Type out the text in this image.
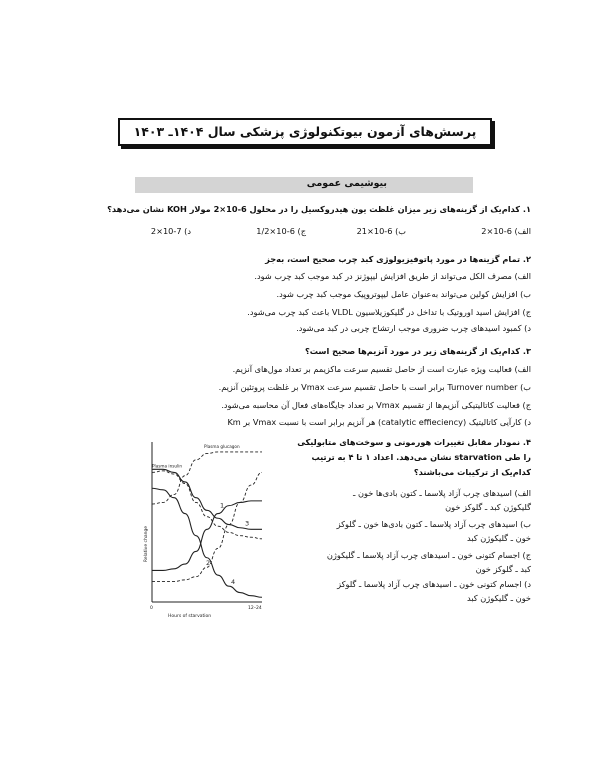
پرسش‌های آزمون بیوتکنولوژی پزشکی سال ۱۴۰۴ـ ۱۴۰۳
بیوشیمی عمومی
۱. کدام‌یک از گزینه‌های زیر میزان غلظت یون هیدروکسیل را در محلول 6-10×2 مولار KOH نشان می‌دهد؟
الف) 6-10×2
ب) 6-10×21
ج) 6-10×1/2
د) 7-10×2
۲. تمام گزینه‌ها در مورد پاتوفیزیولوژی کبد چرب صحیح است، به‌جز
الف) مصرف الکل می‌تواند از طریق افزایش لیپوژنز در کبد موجب کبد چرب شود.
ب) افزایش کولین می‌تواند به‌عنوان عامل لیپوتروپیک موجب کبد چرب شود.
ج) افزایش اسید اوروتیک با تداخل در گلیکوزیلاسیون VLDL باعث کبد چرب می‌شود.
د) کمبود اسیدهای چرب ضروری موجب ارتشاح چربی در کبد می‌شود.
۳. کدام‌یک از گزینه‌های زیر در مورد آنزیم‌ها صحیح است؟
الف) فعالیت ویژه عبارت است از حاصل تقسیم سرعت ماکزیمم بر تعداد مول‌های آنزیم.
ب) Turnover number برابر است با حاصل تقسیم سرعت Vmax بر غلظت پروتئین آنزیم.
ج) فعالیت کاتالیتیکی آنزیم‌ها از تقسیم Vmax بر تعداد جایگاه‌های فعال آن محاسبه می‌شود.
د) کارآیی کاتالیتیک (catalytic effieciency) هر آنزیم برابر است با نسبت Vmax بر Km
۴. نمودار مقابل تغییرات هورمونی و سوخت‌های متابولیکی
را طی starvation نشان می‌دهد. اعداد ۱ تا ۴ به ترتیب
کدام‌یک از ترکیبات می‌باشند؟
الف) اسیدهای چرب آزاد پلاسما ـ کتون بادی‌ها خون ـ
گلیکوژن کبد ـ گلوکز خون
ب) اسیدهای چرب آزاد پلاسما ـ کتون بادی‌ها خون ـ گلوکز
خون ـ گلیکوژن کبد
ج) اجسام کتونی خون ـ اسیدهای چرب آزاد پلاسما ـ گلیکوژن
کبد ـ گلوکز خون
د) اجسام کتونی خون ـ اسیدهای چرب آزاد پلاسما ـ گلوکز
خون ـ گلیکوژن کبد
Relative change
Hours of starvation
0	12–24
Plasma glucagon
Plasma insulin
1
2
3
4
